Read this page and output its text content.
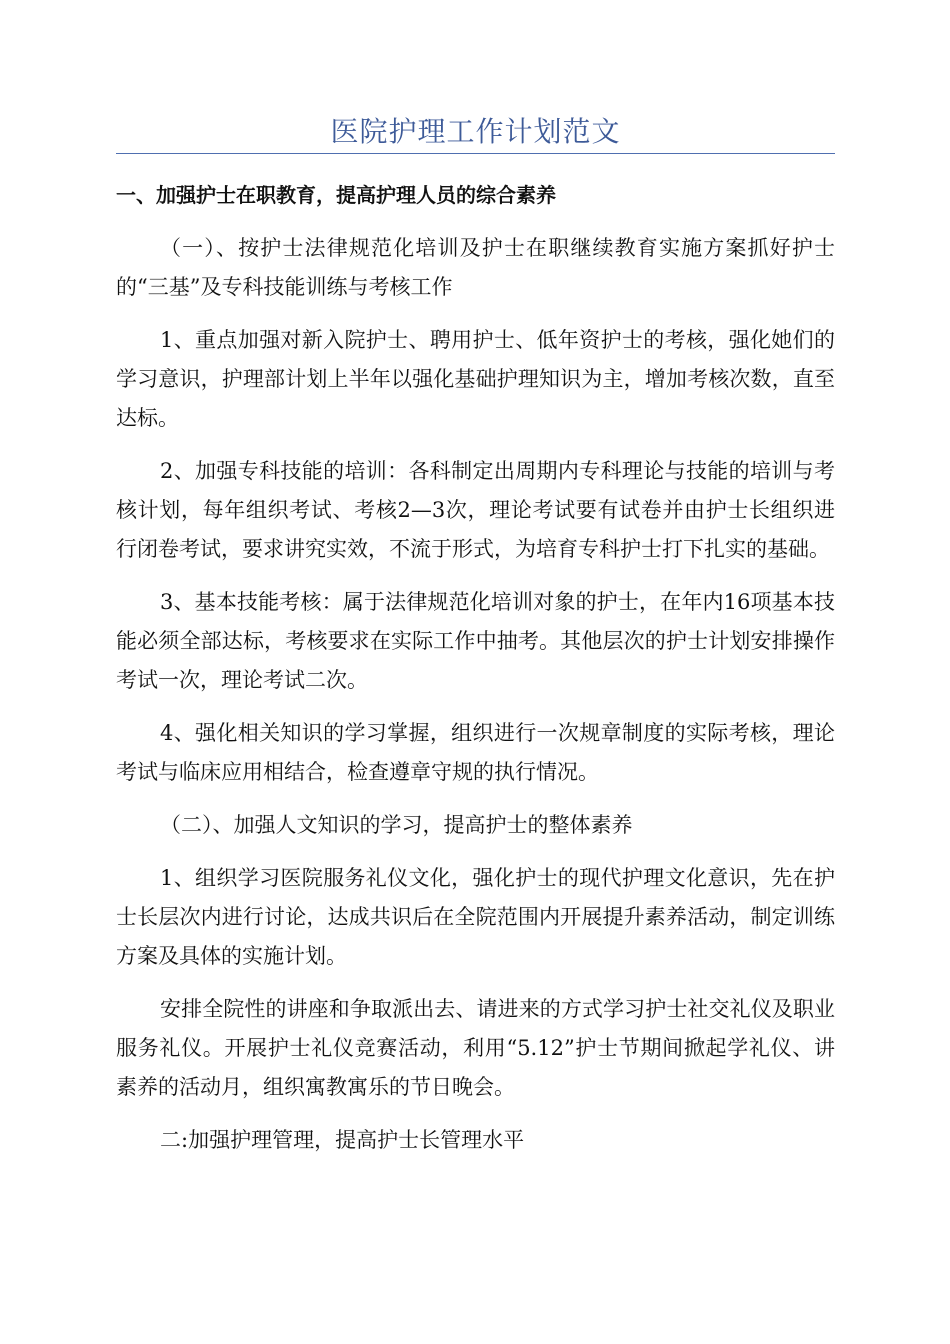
医院护理工作计划范文
一、加强护士在职教育，提高护理人员的综合素养

（一）、按护士法律规范化培训及护士在职继续教育实施方案抓好护士的“三基”及专科技能训练与考核工作

1、重点加强对新入院护士、聘用护士、低年资护士的考核，强化她们的学习意识，护理部计划上半年以强化基础护理知识为主，增加考核次数，直至达标。

2、加强专科技能的培训：各科制定出周期内专科理论与技能的培训与考核计划，每年组织考试、考核2—3次，理论考试要有试卷并由护士长组织进行闭卷考试，要求讲究实效，不流于形式，为培育专科护士打下扎实的基础。

3、基本技能考核：属于法律规范化培训对象的护士，在年内16项基本技能必须全部达标，考核要求在实际工作中抽考。其他层次的护士计划安排操作考试一次，理论考试二次。

4、强化相关知识的学习掌握，组织进行一次规章制度的实际考核，理论考试与临床应用相结合，检查遵章守规的执行情况。

（二）、加强人文知识的学习，提高护士的整体素养

1、组织学习医院服务礼仪文化，强化护士的现代护理文化意识，先在护士长层次内进行讨论，达成共识后在全院范围内开展提升素养活动，制定训练方案及具体的实施计划。

安排全院性的讲座和争取派出去、请进来的方式学习护士社交礼仪及职业服务礼仪。开展护士礼仪竞赛活动，利用“5.12”护士节期间掀起学礼仪、讲素养的活动月，组织寓教寓乐的节日晚会。

二:加强护理管理，提高护士长管理水平
